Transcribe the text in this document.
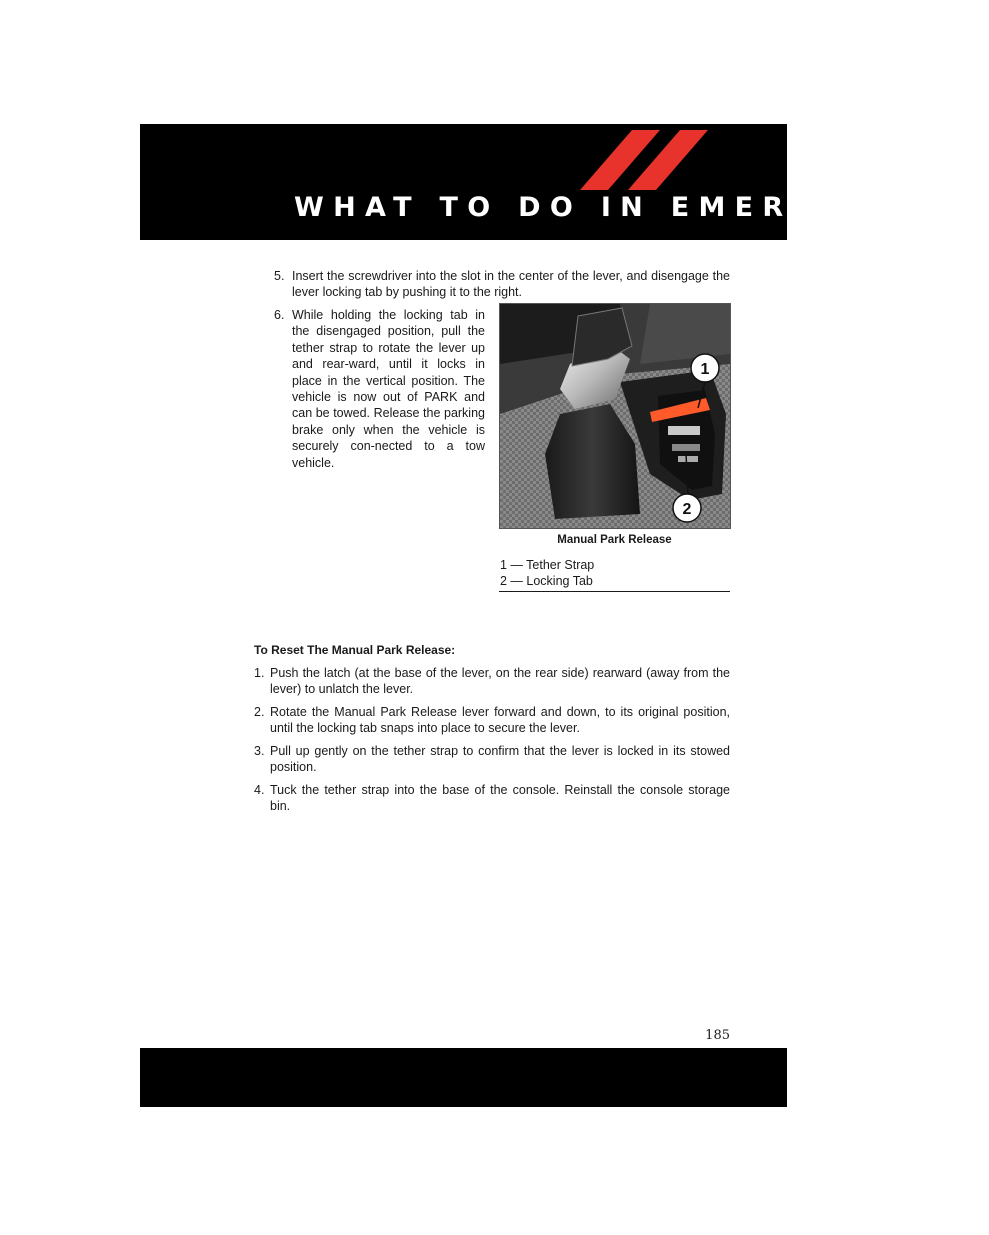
WHAT TO DO IN EMERGENCIES
5. Insert the screwdriver into the slot in the center of the lever, and disengage the lever locking tab by pushing it to the right.
6. While holding the locking tab in the disengaged position, pull the tether strap to rotate the lever up and rear-ward, until it locks in place in the vertical position. The vehicle is now out of PARK and can be towed. Release the parking brake only when the vehicle is securely con-nected to a tow vehicle.
1
2
Manual Park Release
1 — Tether Strap
2 — Locking Tab
To Reset The Manual Park Release:
1. Push the latch (at the base of the lever, on the rear side) rearward (away from the lever) to unlatch the lever.
2. Rotate the Manual Park Release lever forward and down, to its original position, until the locking tab snaps into place to secure the lever.
3. Pull up gently on the tether strap to confirm that the lever is locked in its stowed position.
4. Tuck the tether strap into the base of the console. Reinstall the console storage bin.
185
